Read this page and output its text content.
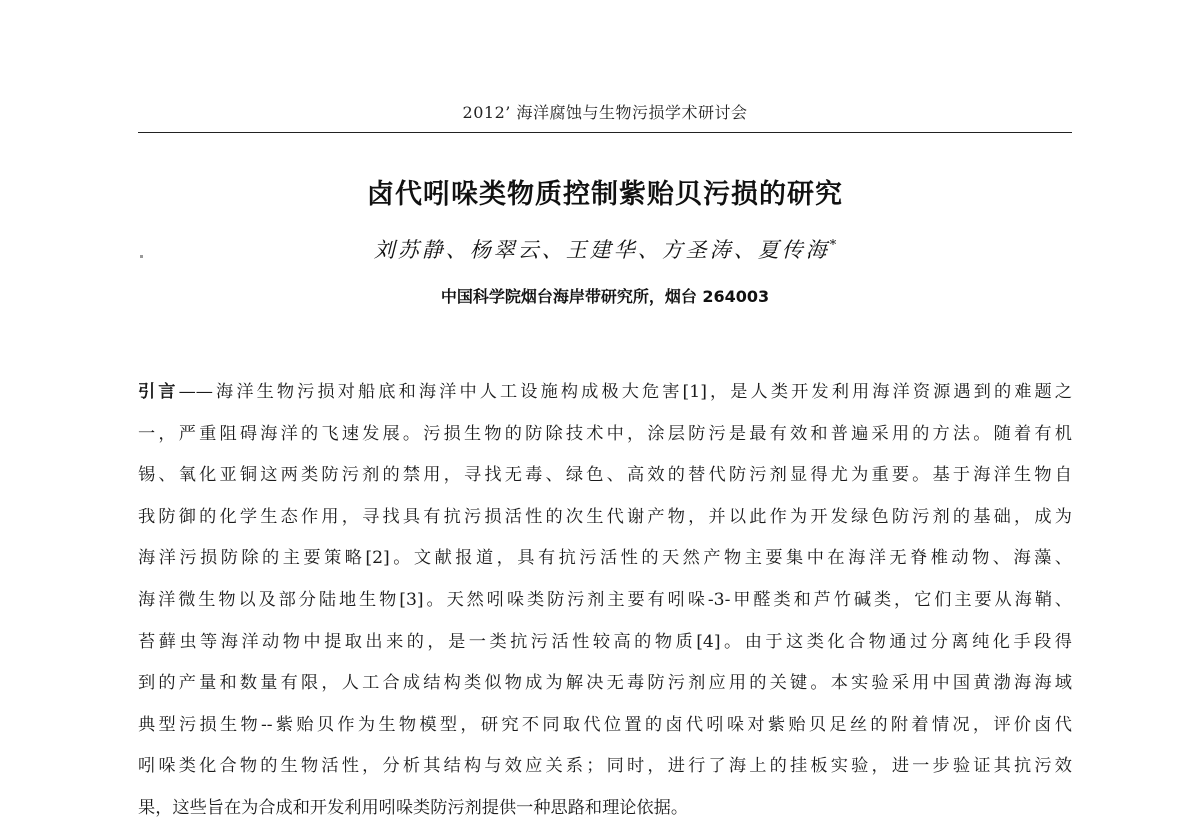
2012’ 海洋腐蚀与生物污损学术研讨会
卤代吲哚类物质控制紫贻贝污损的研究
刘苏静、杨翠云、王建华、方圣涛、夏传海*
中国科学院烟台海岸带研究所，烟台 264003
引言——海洋生物污损对船底和海洋中人工设施构成极大危害[1]，是人类开发利用海洋资源遇到的难题之
一，严重阻碍海洋的飞速发展。污损生物的防除技术中，涂层防污是最有效和普遍采用的方法。随着有机
锡、氧化亚铜这两类防污剂的禁用，寻找无毒、绿色、高效的替代防污剂显得尤为重要。基于海洋生物自
我防御的化学生态作用，寻找具有抗污损活性的次生代谢产物，并以此作为开发绿色防污剂的基础，成为
海洋污损防除的主要策略[2]。文献报道，具有抗污活性的天然产物主要集中在海洋无脊椎动物、海藻、
海洋微生物以及部分陆地生物[3]。天然吲哚类防污剂主要有吲哚-3-甲醛类和芦竹碱类，它们主要从海鞘、
苔藓虫等海洋动物中提取出来的，是一类抗污活性较高的物质[4]。由于这类化合物通过分离纯化手段得
到的产量和数量有限，人工合成结构类似物成为解决无毒防污剂应用的关键。本实验采用中国黄渤海海域
典型污损生物--紫贻贝作为生物模型，研究不同取代位置的卤代吲哚对紫贻贝足丝的附着情况，评价卤代
吲哚类化合物的生物活性，分析其结构与效应关系；同时，进行了海上的挂板实验，进一步验证其抗污效
果，这些旨在为合成和开发利用吲哚类防污剂提供一种思路和理论依据。
